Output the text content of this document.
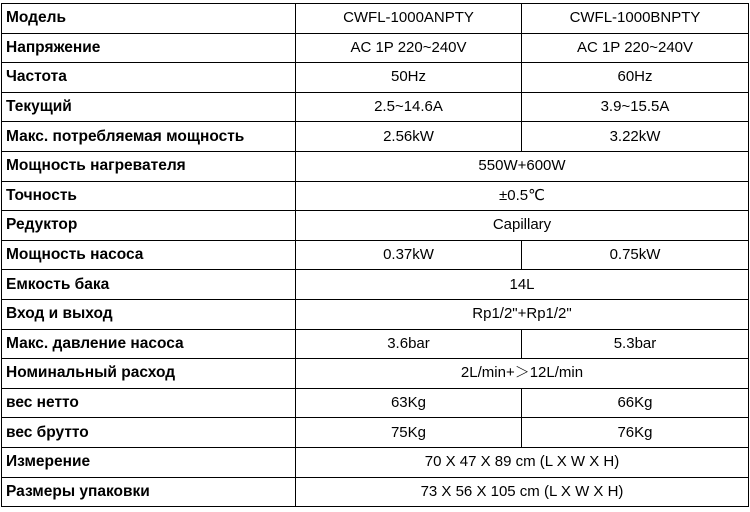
Модель	CWFL-1000ANPTY	CWFL-1000BNPTY
Напряжение	AC 1P 220~240V	AC 1P 220~240V
Частота	50Hz	60Hz
Текущий	2.5~14.6A	3.9~15.5A
Макс. потребляемая мощность	2.56kW	3.22kW
Мощность нагревателя	550W+600W	
Точность	±0.5℃	
Редуктор	Capillary	
Мощность насоса	0.37kW	0.75kW
Емкость бака	14L	
Вход и выход	Rp1/2"+Rp1/2"	
Макс. давление насоса	3.6bar	5.3bar
Номинальный расход	2L/min+＞12L/min	
вес нетто	63Kg	66Kg
вес брутто	75Kg	76Kg
Измерение	70 X 47 X 89 cm (L X W X H)	
Размеры упаковки	73 X 56 X 105 cm (L X W X H)	
